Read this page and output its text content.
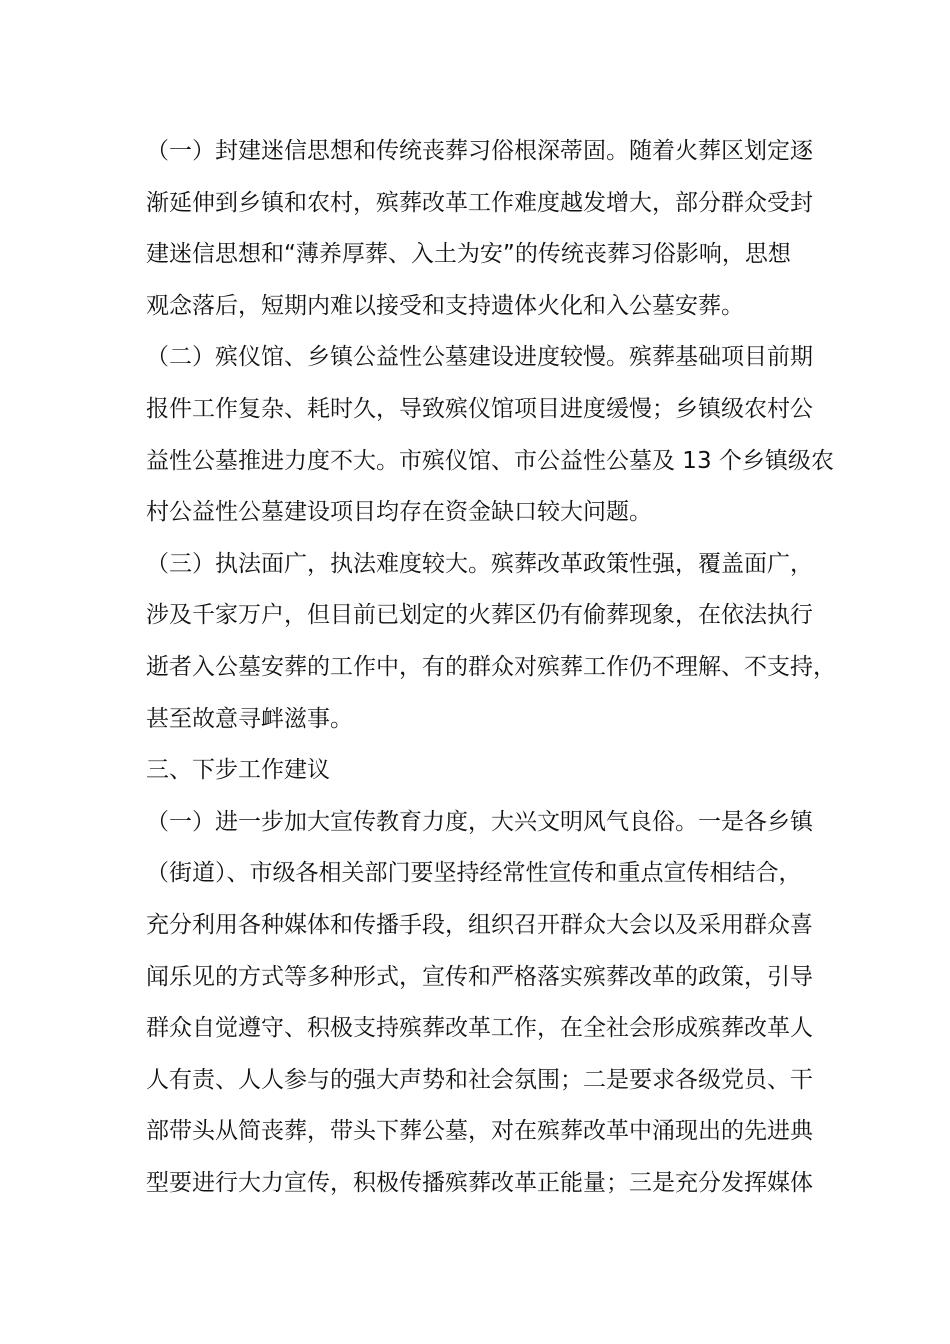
（一）封建迷信思想和传统丧葬习俗根深蒂固。随着火葬区划定逐
渐延伸到乡镇和农村，殡葬改革工作难度越发增大，部分群众受封
建迷信思想和“薄养厚葬、入土为安”的传统丧葬习俗影响，思想
观念落后，短期内难以接受和支持遗体火化和入公墓安葬。

（二）殡仪馆、乡镇公益性公墓建设进度较慢。殡葬基础项目前期
报件工作复杂、耗时久，导致殡仪馆项目进度缓慢；乡镇级农村公
益性公墓推进力度不大。市殡仪馆、市公益性公墓及 13 个乡镇级农
村公益性公墓建设项目均存在资金缺口较大问题。

（三）执法面广，执法难度较大。殡葬改革政策性强，覆盖面广，
涉及千家万户，但目前已划定的火葬区仍有偷葬现象，在依法执行
逝者入公墓安葬的工作中，有的群众对殡葬工作仍不理解、不支持，
甚至故意寻衅滋事。

三、下步工作建议

（一）进一步加大宣传教育力度，大兴文明风气良俗。一是各乡镇
（街道）、市级各相关部门要坚持经常性宣传和重点宣传相结合，
充分利用各种媒体和传播手段，组织召开群众大会以及采用群众喜
闻乐见的方式等多种形式，宣传和严格落实殡葬改革的政策，引导
群众自觉遵守、积极支持殡葬改革工作，在全社会形成殡葬改革人
人有责、人人参与的强大声势和社会氛围；二是要求各级党员、干
部带头从简丧葬，带头下葬公墓，对在殡葬改革中涌现出的先进典
型要进行大力宣传，积极传播殡葬改革正能量；三是充分发挥媒体
